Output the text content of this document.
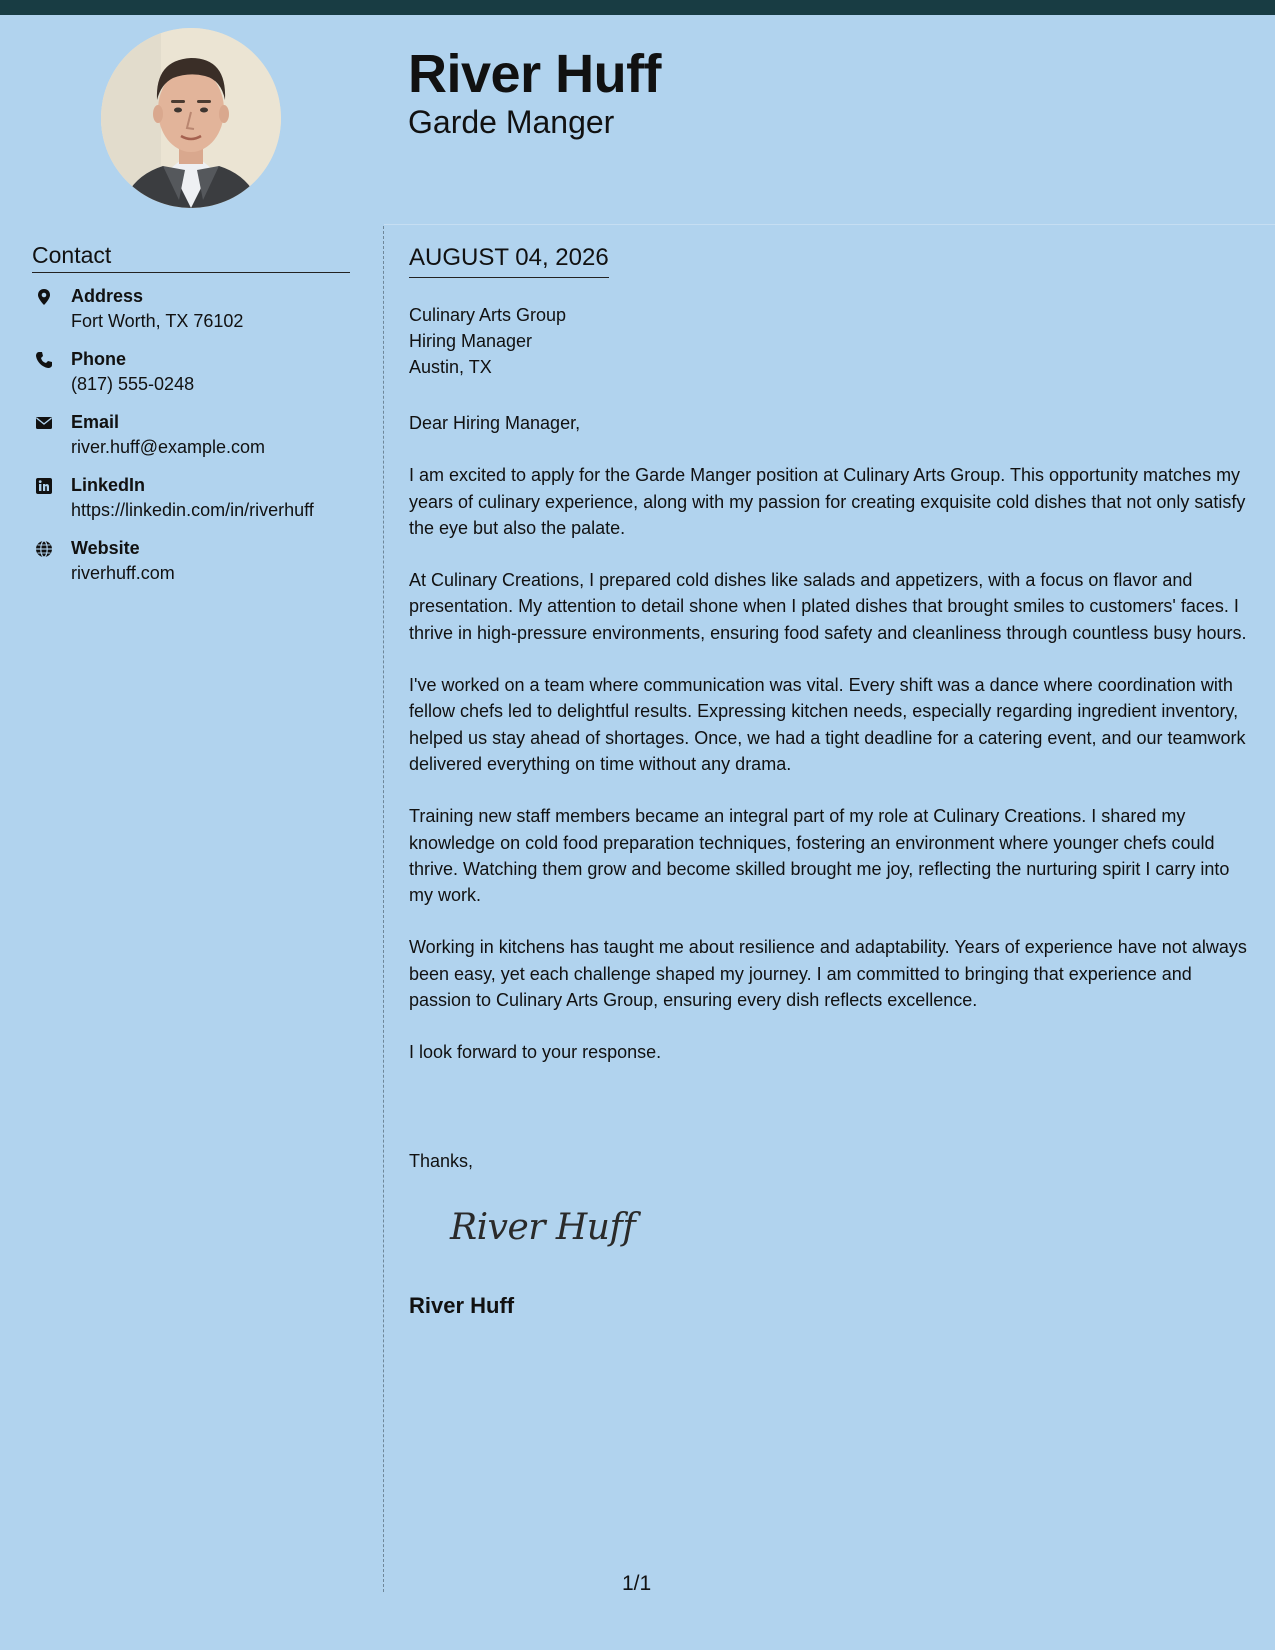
River Huff
Garde Manger
Contact
Address
Fort Worth, TX 76102
Phone
(817) 555-0248
Email
river.huff@example.com
LinkedIn
https://linkedin.com/in/riverhuff
Website
riverhuff.com
AUGUST 04, 2026
Culinary Arts Group
Hiring Manager
Austin, TX

Dear Hiring Manager,

I am excited to apply for the Garde Manger position at Culinary Arts Group. This opportunity matches my years of culinary experience, along with my passion for creating exquisite cold dishes that not only satisfy the eye but also the palate.

At Culinary Creations, I prepared cold dishes like salads and appetizers, with a focus on flavor and presentation. My attention to detail shone when I plated dishes that brought smiles to customers' faces. I thrive in high-pressure environments, ensuring food safety and cleanliness through countless busy hours.

I've worked on a team where communication was vital. Every shift was a dance where coordination with fellow chefs led to delightful results. Expressing kitchen needs, especially regarding ingredient inventory, helped us stay ahead of shortages. Once, we had a tight deadline for a catering event, and our teamwork delivered everything on time without any drama.

Training new staff members became an integral part of my role at Culinary Creations. I shared my knowledge on cold food preparation techniques, fostering an environment where younger chefs could thrive. Watching them grow and become skilled brought me joy, reflecting the nurturing spirit I carry into my work.

Working in kitchens has taught me about resilience and adaptability. Years of experience have not always been easy, yet each challenge shaped my journey. I am committed to bringing that experience and passion to Culinary Arts Group, ensuring every dish reflects excellence.

I look forward to your response.

Thanks,
River Huff
River Huff
1/1
